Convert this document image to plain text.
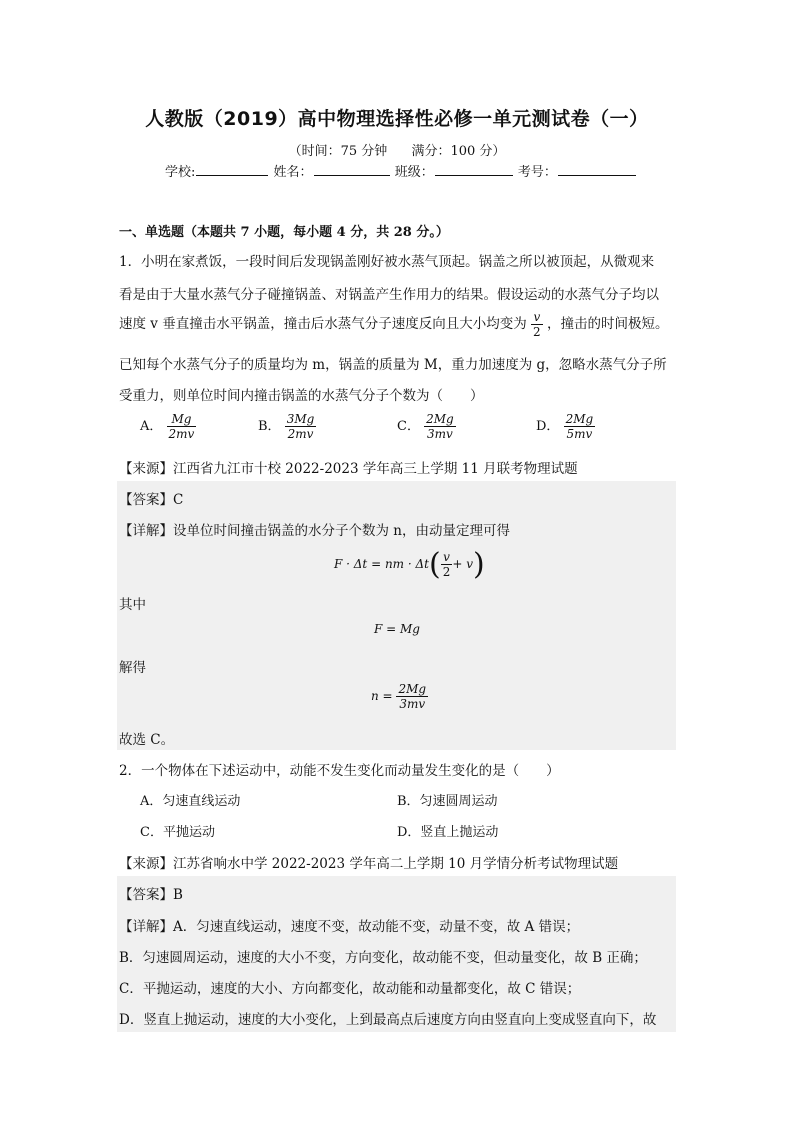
人教版（2019）高中物理选择性必修一单元测试卷（一）
（时间：75 分钟 满分：100 分）
学校:	姓名：	班级：	考号：
一、单选题（本题共 7 小题，每小题 4 分，共 28 分。）
1．小明在家煮饭，一段时间后发现锅盖刚好被水蒸气顶起。锅盖之所以被顶起，从微观来
看是由于大量水蒸气分子碰撞锅盖、对锅盖产生作用力的结果。假设运动的水蒸气分子均以
速度 v 垂直撞击水平锅盖，撞击后水蒸气分子速度反向且大小均变为 $\frac{v}{2}$ ，撞击的时间极短。
已知每个水蒸气分子的质量均为 m，锅盖的质量为 M，重力加速度为 g，忽略水蒸气分子所
受重力，则单位时间内撞击锅盖的水蒸气分子个数为（　　）
A． $\frac{Mg}{2mv}$	B． $\frac{3Mg}{2mv}$	C． $\frac{2Mg}{3mv}$	D． $\frac{2Mg}{5mv}$
【来源】江西省九江市十校 2022-2023 学年高三上学期 11 月联考物理试题
【答案】C
【详解】设单位时间撞击锅盖的水分子个数为 n，由动量定理可得
F · Δt = nm · $\Delta t( \frac{v}{2} + v)$
其中
F = Mg
解得
$n = \frac{2Mg}{3mv}$
故选 C。
2．一个物体在下述运动中，动能不发生变化而动量发生变化的是（　　）
A．匀速直线运动	B．匀速圆周运动
C．平抛运动	D．竖直上抛运动
【来源】江苏省响水中学 2022-2023 学年高二上学期 10 月学情分析考试物理试题
【答案】B
【详解】A．匀速直线运动，速度不变，故动能不变，动量不变，故 A 错误；
B．匀速圆周运动，速度的大小不变，方向变化，故动能不变，但动量变化，故 B 正确；
C．平抛运动，速度的大小、方向都变化，故动能和动量都变化，故 C 错误；
D．竖直上抛运动，速度的大小变化，上到最高点后速度方向由竖直向上变成竖直向下，故
